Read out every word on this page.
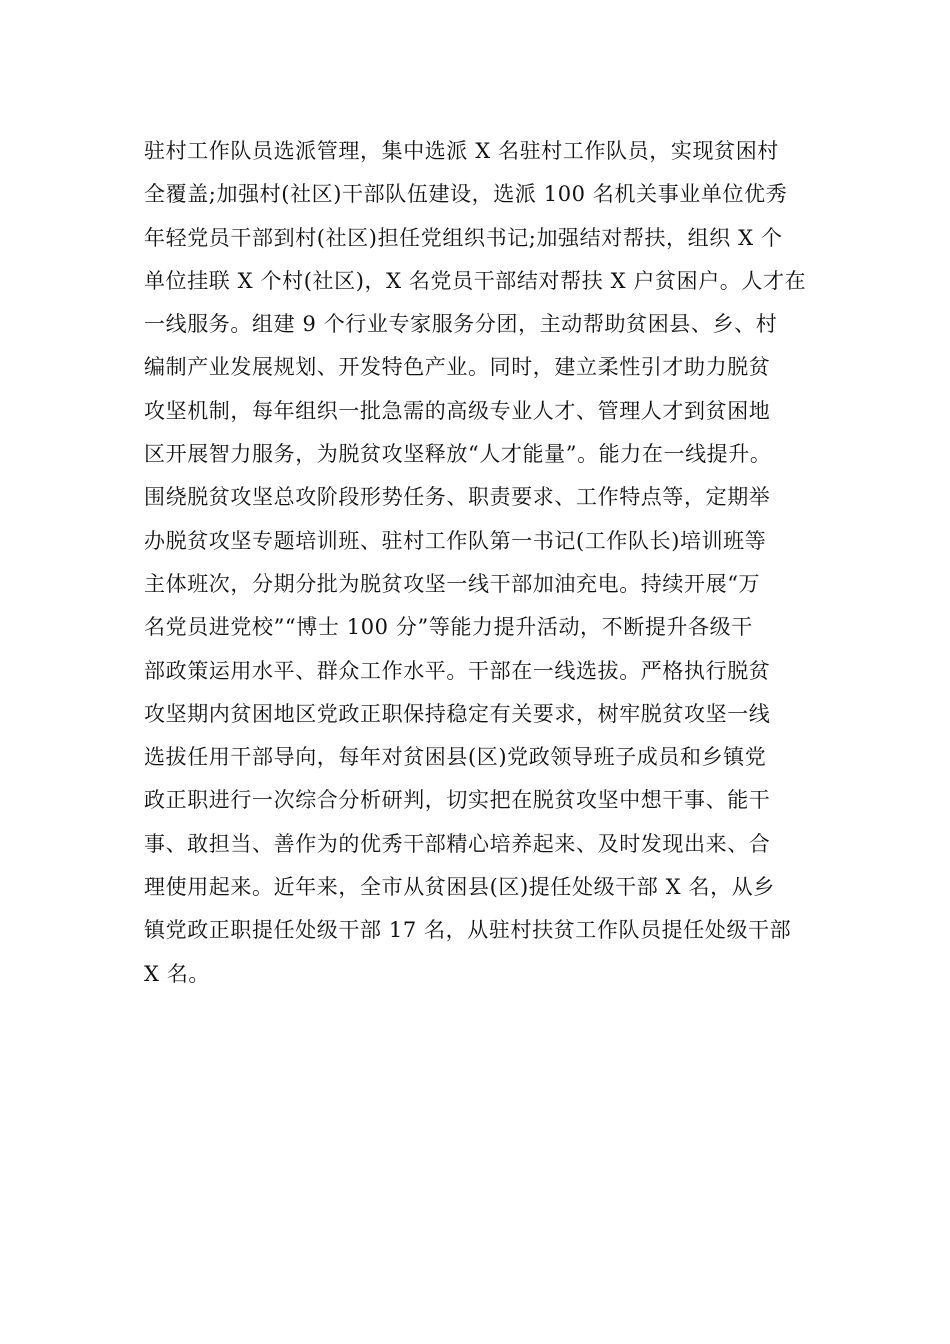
驻村工作队员选派管理，集中选派 X 名驻村工作队员，实现贫困村
全覆盖;加强村(社区)干部队伍建设，选派 100 名机关事业单位优秀
年轻党员干部到村(社区)担任党组织书记;加强结对帮扶，组织 X 个
单位挂联 X 个村(社区)，X 名党员干部结对帮扶 X 户贫困户。人才在
一线服务。组建 9 个行业专家服务分团，主动帮助贫困县、乡、村
编制产业发展规划、开发特色产业。同时，建立柔性引才助力脱贫
攻坚机制，每年组织一批急需的高级专业人才、管理人才到贫困地
区开展智力服务，为脱贫攻坚释放“人才能量”。能力在一线提升。
围绕脱贫攻坚总攻阶段形势任务、职责要求、工作特点等，定期举
办脱贫攻坚专题培训班、驻村工作队第一书记(工作队长)培训班等
主体班次，分期分批为脱贫攻坚一线干部加油充电。持续开展“万
名党员进党校”“博士 100 分”等能力提升活动，不断提升各级干
部政策运用水平、群众工作水平。干部在一线选拔。严格执行脱贫
攻坚期内贫困地区党政正职保持稳定有关要求，树牢脱贫攻坚一线
选拔任用干部导向，每年对贫困县(区)党政领导班子成员和乡镇党
政正职进行一次综合分析研判，切实把在脱贫攻坚中想干事、能干
事、敢担当、善作为的优秀干部精心培养起来、及时发现出来、合
理使用起来。近年来，全市从贫困县(区)提任处级干部 X 名，从乡
镇党政正职提任处级干部 17 名，从驻村扶贫工作队员提任处级干部
X 名。
